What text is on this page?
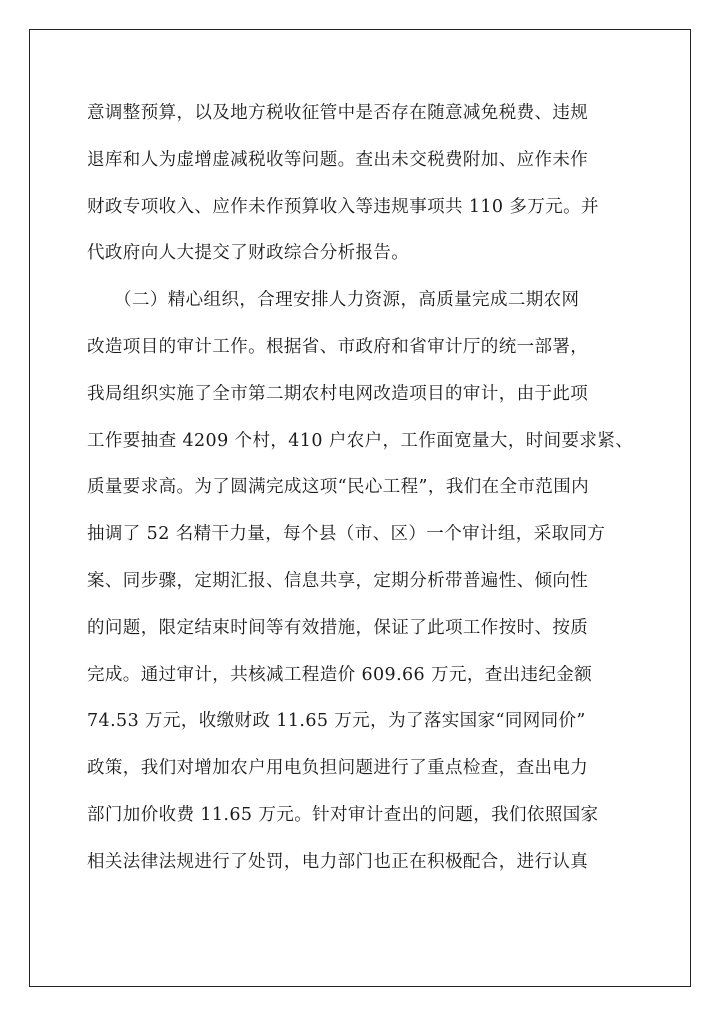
意调整预算，以及地方税收征管中是否存在随意减免税费、违规
退库和人为虚增虚减税收等问题。查出未交税费附加、应作未作
财政专项收入、应作未作预算收入等违规事项共 110 多万元。并
代政府向人大提交了财政综合分析报告。
　　（二）精心组织，合理安排人力资源，高质量完成二期农网
改造项目的审计工作。根据省、市政府和省审计厅的统一部署，
我局组织实施了全市第二期农村电网改造项目的审计，由于此项
工作要抽查 4209 个村，410 户农户，工作面宽量大，时间要求紧、
质量要求高。为了圆满完成这项“民心工程”，我们在全市范围内
抽调了 52 名精干力量，每个县（市、区）一个审计组，采取同方
案、同步骤，定期汇报、信息共享，定期分析带普遍性、倾向性
的问题，限定结束时间等有效措施，保证了此项工作按时、按质
完成。通过审计，共核减工程造价 609.66 万元，查出违纪金额
74.53 万元，收缴财政 11.65 万元，为了落实国家“同网同价”
政策，我们对增加农户用电负担问题进行了重点检查，查出电力
部门加价收费 11.65 万元。针对审计查出的问题，我们依照国家
相关法律法规进行了处罚，电力部门也正在积极配合，进行认真
